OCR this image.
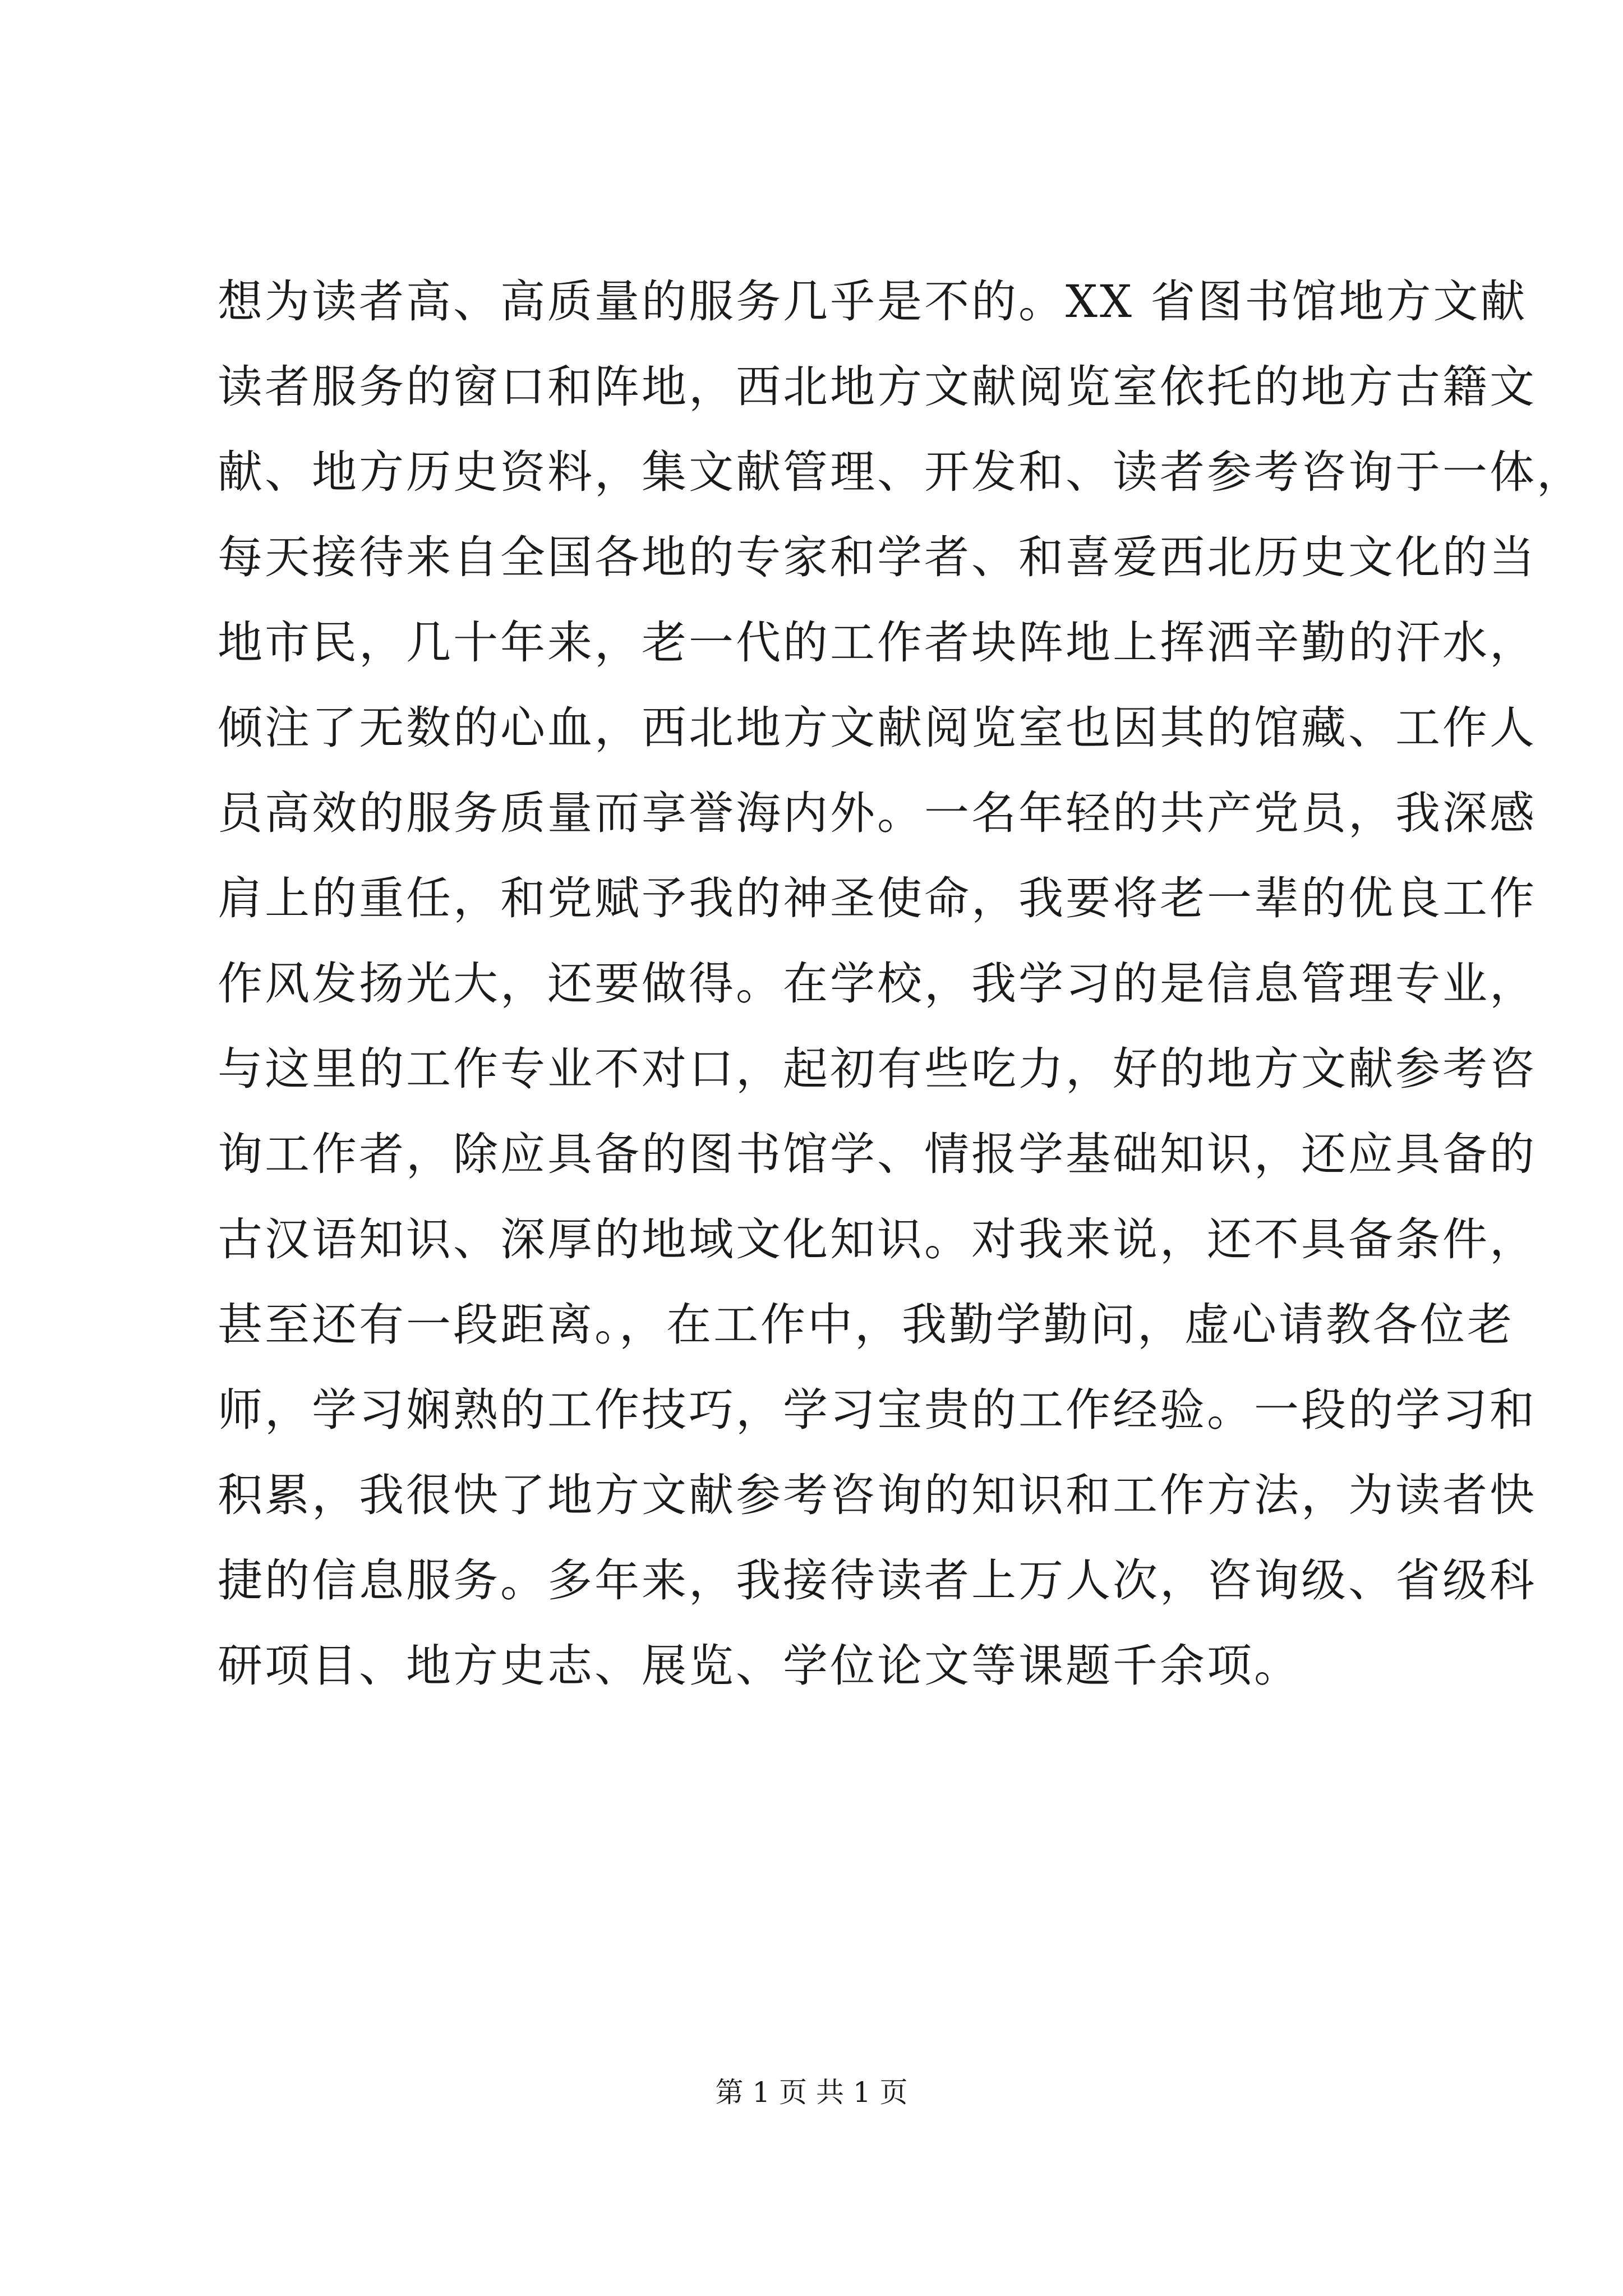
想为读者高、高质量的服务几乎是不的。XX 省图书馆地方文献
读者服务的窗口和阵地，西北地方文献阅览室依托的地方古籍文
献、地方历史资料，集文献管理、开发和、读者参考咨询于一体，
每天接待来自全国各地的专家和学者、和喜爱西北历史文化的当
地市民，几十年来，老一代的工作者块阵地上挥洒辛勤的汗水，
倾注了无数的心血，西北地方文献阅览室也因其的馆藏、工作人
员高效的服务质量而享誉海内外。一名年轻的共产党员，我深感
肩上的重任，和党赋予我的神圣使命，我要将老一辈的优良工作
作风发扬光大，还要做得。在学校，我学习的是信息管理专业，
与这里的工作专业不对口，起初有些吃力，好的地方文献参考咨
询工作者，除应具备的图书馆学、情报学基础知识，还应具备的
古汉语知识、深厚的地域文化知识。对我来说，还不具备条件，
甚至还有一段距离。，在工作中，我勤学勤问，虚心请教各位老
师，学习娴熟的工作技巧，学习宝贵的工作经验。一段的学习和
积累，我很快了地方文献参考咨询的知识和工作方法，为读者快
捷的信息服务。多年来，我接待读者上万人次，咨询级、省级科
研项目、地方史志、展览、学位论文等课题千余项。
第 1 页 共 1 页
